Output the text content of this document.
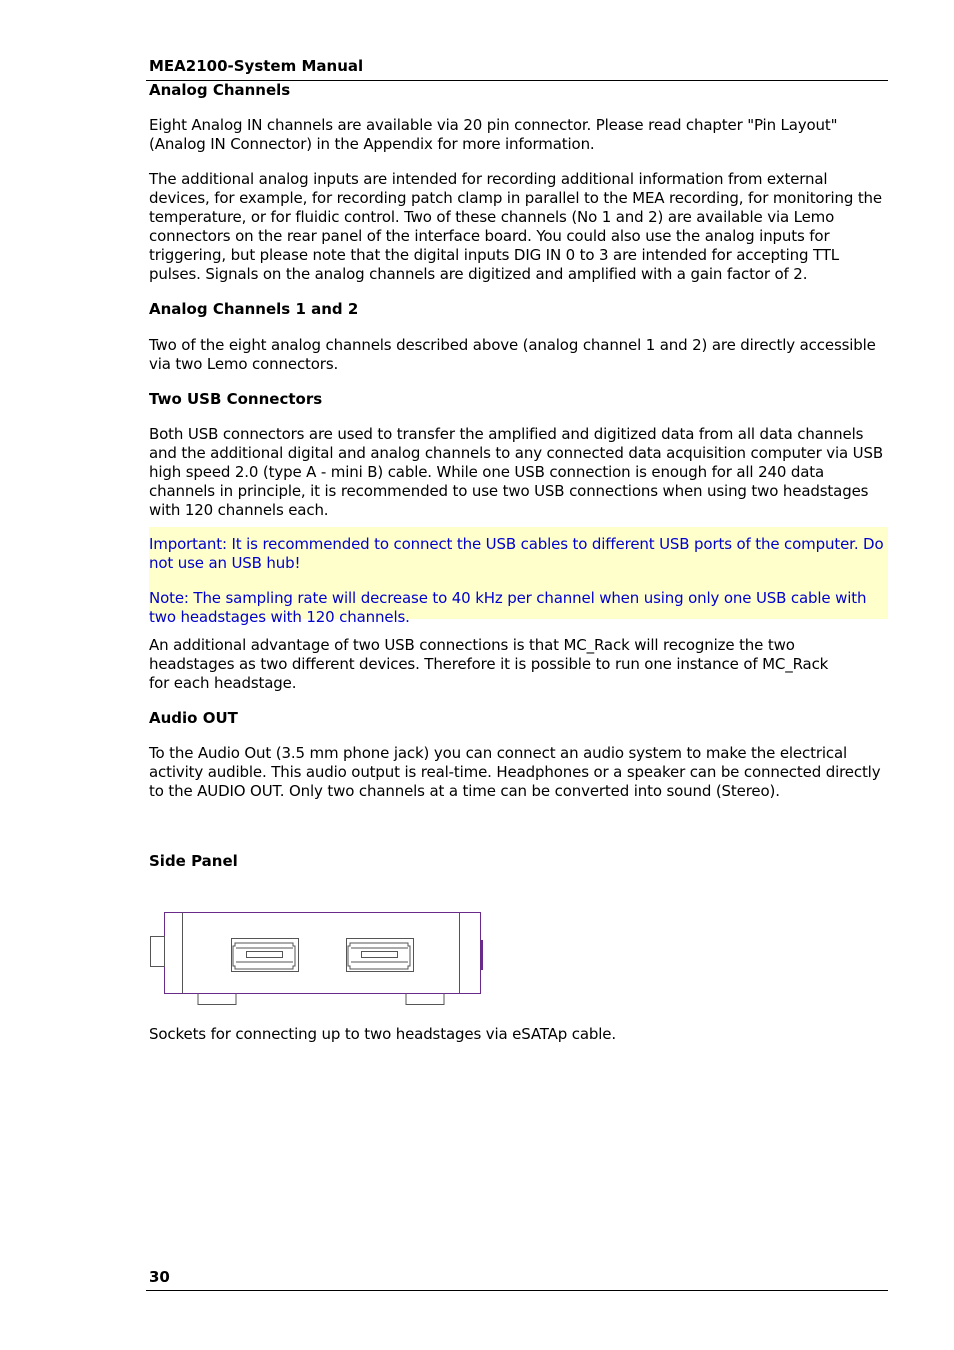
MEA2100-System Manual
Analog Channels

Eight Analog IN channels are available via 20 pin connector. Please read chapter "Pin Layout" (Analog IN Connector) in the Appendix for more information.

The additional analog inputs are intended for recording additional information from external devices, for example, for recording patch clamp in parallel to the MEA recording, for monitoring the temperature, or for fluidic control. Two of these channels (No 1 and 2) are available via Lemo connectors on the rear panel of the interface board. You could also use the analog inputs for triggering, but please note that the digital inputs DIG IN 0 to 3 are intended for accepting TTL pulses. Signals on the analog channels are digitized and amplified with a gain factor of 2.

Analog Channels 1 and 2

Two of the eight analog channels described above (analog channel 1 and 2) are directly accessible via two Lemo connectors.

Two USB Connectors

Both USB connectors are used to transfer the amplified and digitized data from all data channels and the additional digital and analog channels to any connected data acquisition computer via USB high speed 2.0 (type A - mini B) cable. While one USB connection is enough for all 240 data channels in principle, it is recommended to use two USB connections when using two headstages with 120 channels each.

Important: It is recommended to connect the USB cables to different USB ports of the computer. Do not use an USB hub!

Note: The sampling rate will decrease to 40 kHz per channel when using only one USB cable with two headstages with 120 channels.

An additional advantage of two USB connections is that MC_Rack will recognize the two headstages as two different devices. Therefore it is possible to run one instance of MC_Rack
for each headstage.

Audio OUT

To the Audio Out (3.5 mm phone jack) you can connect an audio system to make the electrical activity audible. This audio output is real-time. Headphones or a speaker can be connected directly to the AUDIO OUT. Only two channels at a time can be converted into sound (Stereo).

Side Panel

Sockets for connecting up to two headstages via eSATAp cable.

30
